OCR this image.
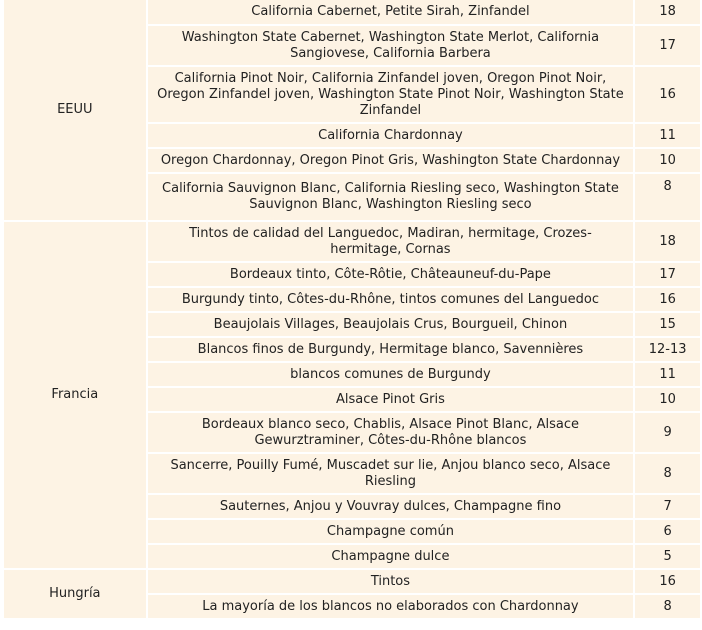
EEUU	California Cabernet, Petite Sirah, Zinfandel	18
	Washington State Cabernet, Washington State Merlot, California Sangiovese, California Barbera	17
	California Pinot Noir, California Zinfandel joven, Oregon Pinot Noir, Oregon Zinfandel joven, Washington State Pinot Noir, Washington State Zinfandel	16
	California Chardonnay	11
	Oregon Chardonnay, Oregon Pinot Gris, Washington State Chardonnay	10
	California Sauvignon Blanc, California Riesling seco, Washington State Sauvignon Blanc, Washington Riesling seco	8
Francia	Tintos de calidad del Languedoc, Madiran, hermitage, Crozes-hermitage, Cornas	18
	Bordeaux tinto, Côte-Rôtie, Châteauneuf-du-Pape	17
	Burgundy tinto, Côtes-du-Rhône, tintos comunes del Languedoc	16
	Beaujolais Villages, Beaujolais Crus, Bourgueil, Chinon	15
	Blancos finos de Burgundy, Hermitage blanco, Savennières	12-13
	blancos comunes de Burgundy	11
	Alsace Pinot Gris	10
	Bordeaux blanco seco, Chablis, Alsace Pinot Blanc, Alsace Gewurztraminer, Côtes-du-Rhône blancos	9
	Sancerre, Pouilly Fumé, Muscadet sur lie, Anjou blanco seco, Alsace Riesling	8
	Sauternes, Anjou y Vouvray dulces, Champagne fino	7
	Champagne común	6
	Champagne dulce	5
Hungría	Tintos	16
	La mayoría de los blancos no elaborados con Chardonnay	8
